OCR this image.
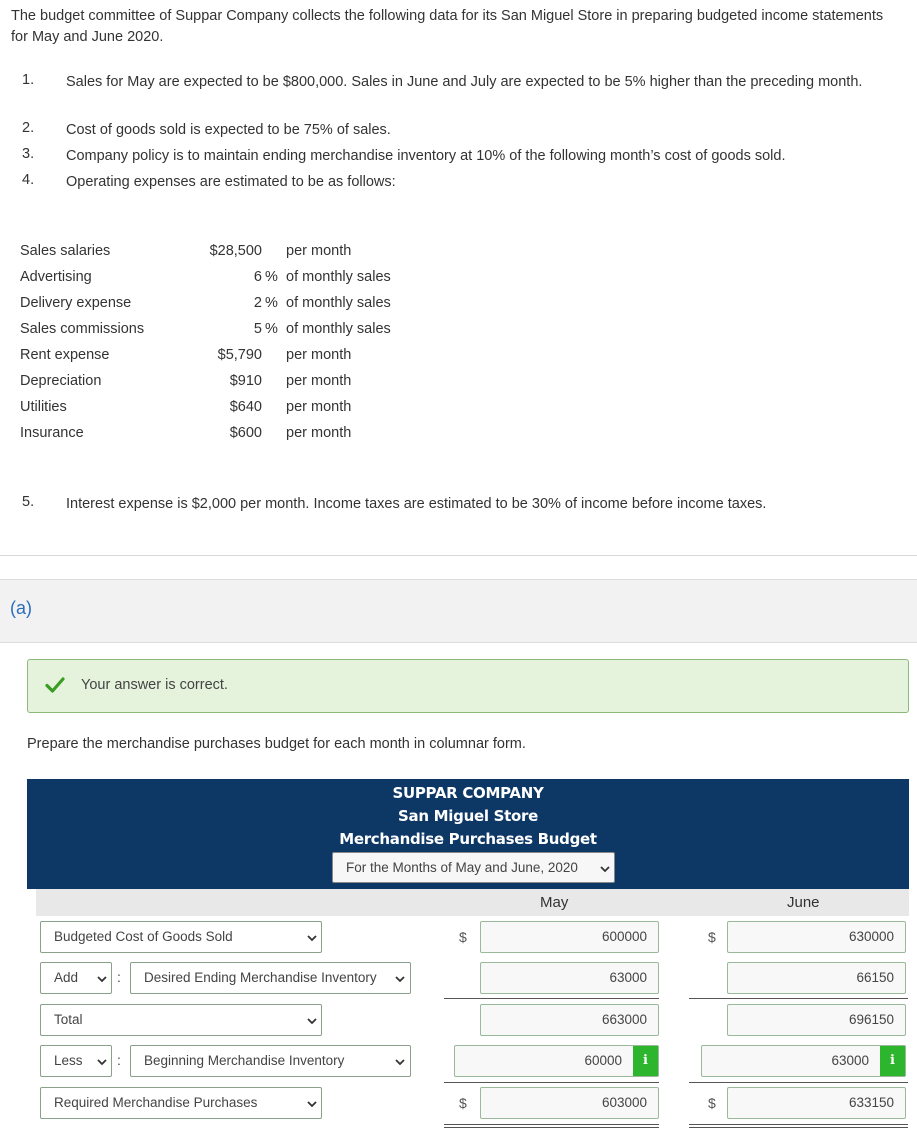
The budget committee of Suppar Company collects the following data for its San Miguel Store in preparing budgeted income statements for May and June 2020.
1. Sales for May are expected to be $800,000. Sales in June and July are expected to be 5% higher than the preceding month.
2. Cost of goods sold is expected to be 75% of sales.
3. Company policy is to maintain ending merchandise inventory at 10% of the following month’s cost of goods sold.
4. Operating expenses are estimated to be as follows:
Sales salaries	$28,500 per month
Advertising	6 % of monthly sales
Delivery expense	2 % of monthly sales
Sales commissions	5 % of monthly sales
Rent expense	$5,790 per month
Depreciation	$910 per month
Utilities	$640 per month
Insurance	$600 per month
5. Interest expense is $2,000 per month. Income taxes are estimated to be 30% of income before income taxes.
(a)
Your answer is correct.
Prepare the merchandise purchases budget for each month in columnar form.
SUPPAR COMPANY
San Miguel Store
Merchandise Purchases Budget
For the Months of May and June, 2020
May	June
Budgeted Cost of Goods Sold	$	600000	$	630000
Add	: Desired Ending Merchandise Inventory	63000	66150
Total	663000	696150
Less : Beginning Merchandise Inventory	60000	i	63000	i
Required Merchandise Purchases	$	603000	$	633150
